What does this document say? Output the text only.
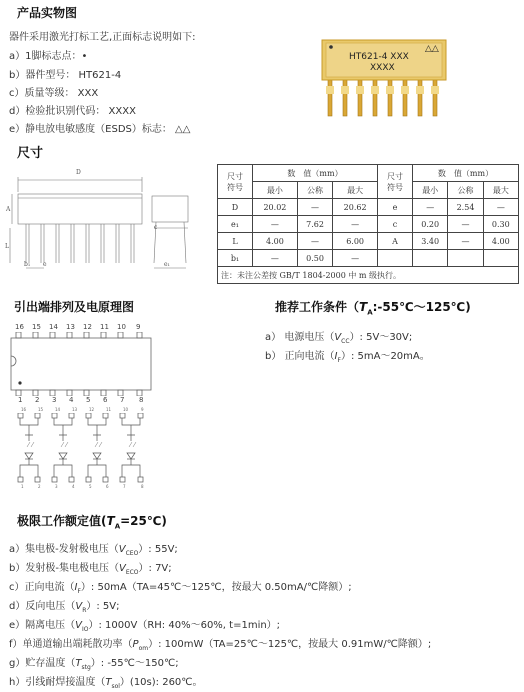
产品实物图
器件采用激光打标工艺,正面标志说明如下:
a）1脚标志点：•
b）器件型号： HT621-4
c）质量等级： XXX
d）检验批识别代码： XXXX
e）静电放电敏感度（ESDS）标志： △△
HT621-4 XXX
△△
XXXX
尺寸
D
A
L
b₁ e
c
e₁
尺寸
符号	数　值（mm）			尺寸
符号	数　值（mm）		
	最小	公称	最大		最小	公称	最大
D	20.02	—	20.62	e	—	2.54	—
e₁	—	7.62	—	c	0.20	—	0.30
L	4.00	—	6.00	A	3.40	—	4.00
b₁	—	0.50	—				
注：未注公差按 GB/T 1804-2000 中 m 级执行。							
引出端排列及电原理图
16 15 14 13 12 11 10 9
1 2 3 4 5 6 7 8
16	15	14	13	12	11	10	9
1	2	3	4	5	6	7	8
推荐工作条件$(T_A:-55℃\sim 125℃)$
a） 电源电压$(V_{CC})$: 5V～30V;
b） 正向电流$(I_F)$: 5mA～20mA。
极限工作额定值$(T_A=25℃)$
a）集电极-发射极电压$(V_{CEO})$: 55V;
b）发射极-集电极电压$(V_{ECO})$: 7V;
c）正向电流$(I_F)$: 50mA（TA=45℃～125℃，按最大 0.50mA/℃降额）;
d）反向电压$(V_R)$: 5V;
e）隔离电压$(V_{IO})$: 1000V（RH: 40%～60%, t=1min）;
f）单通道输出端耗散功率$(P_{om})$: 100mW（TA=25℃～125℃，按最大 0.91mW/℃降额）;
g）贮存温度$(T_{stg})$: -55℃～150℃;
h）引线耐焊接温度$(T_{sol})(10s)$: 260℃。
